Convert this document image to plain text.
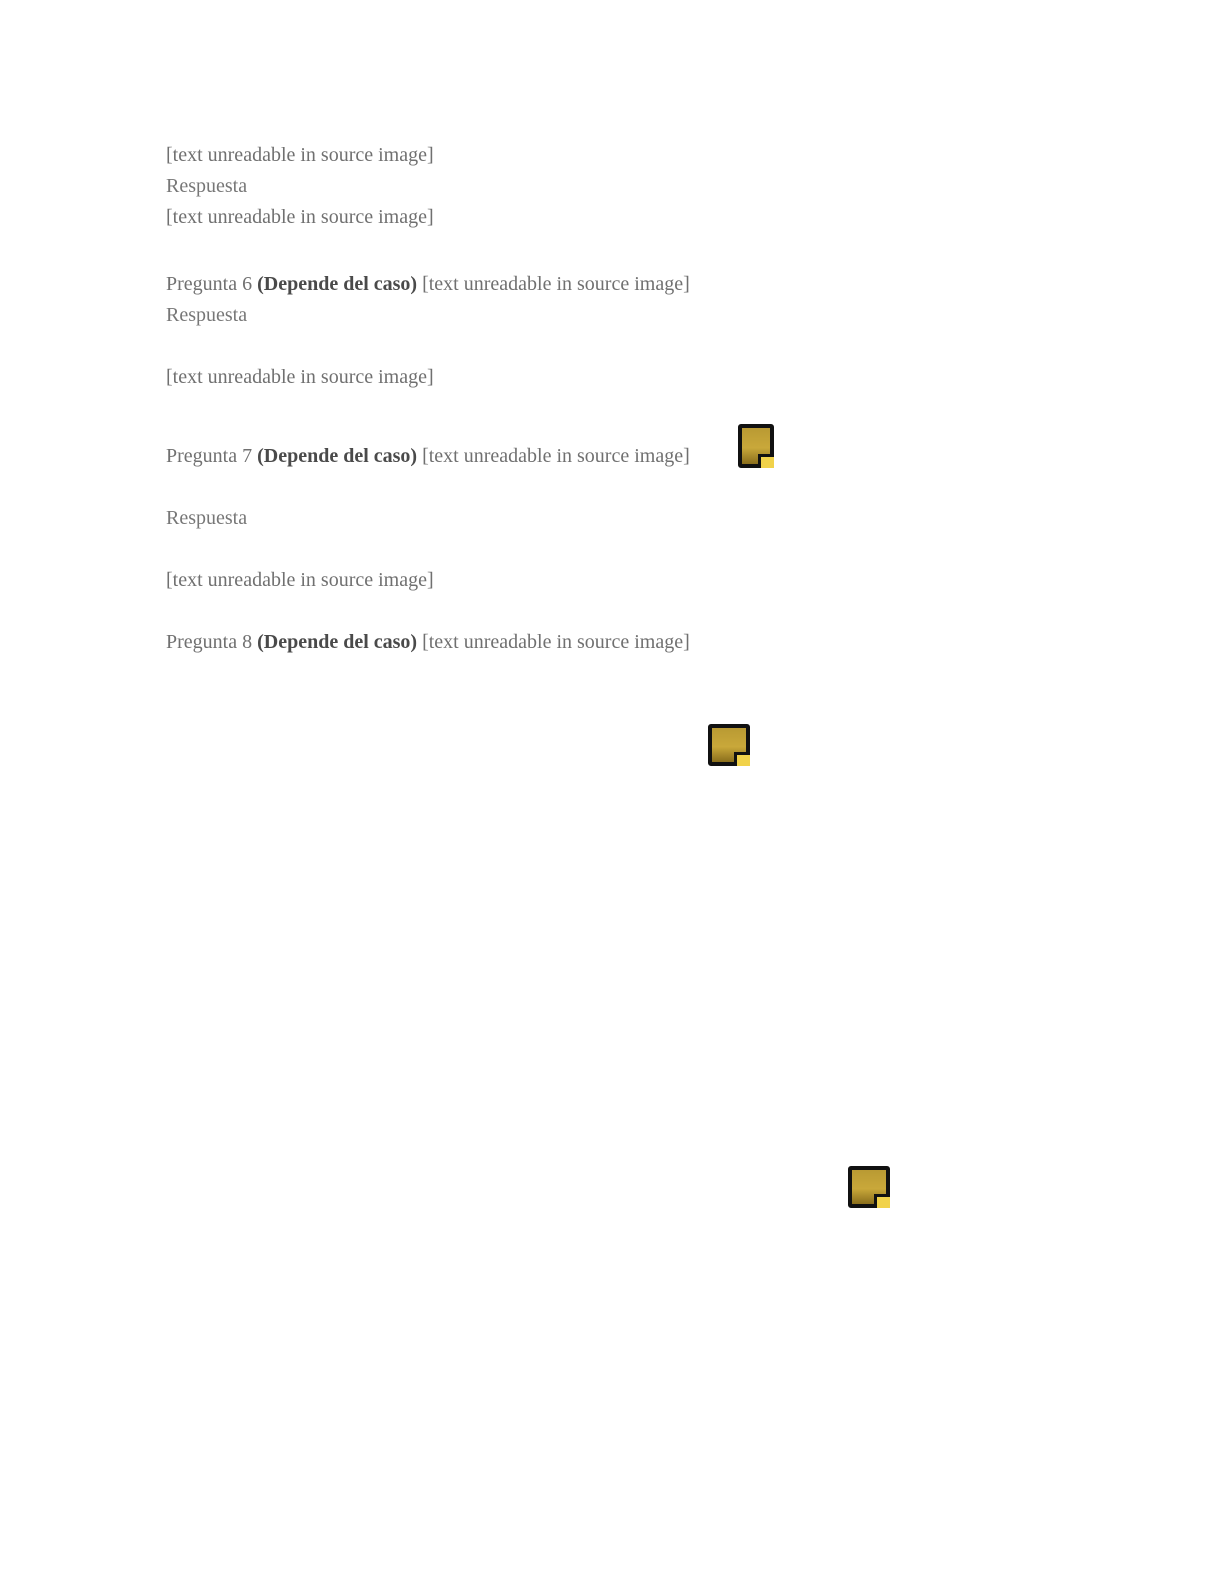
[text unreadable in source image]

Respuesta

[text unreadable in source image]

Pregunta 6 (Depende del caso) [text unreadable in source image]

Respuesta

[text unreadable in source image]

Pregunta 7 (Depende del caso) [text unreadable in source image]

Respuesta

[text unreadable in source image]

Pregunta 8 (Depende del caso) [text unreadable in source image]
